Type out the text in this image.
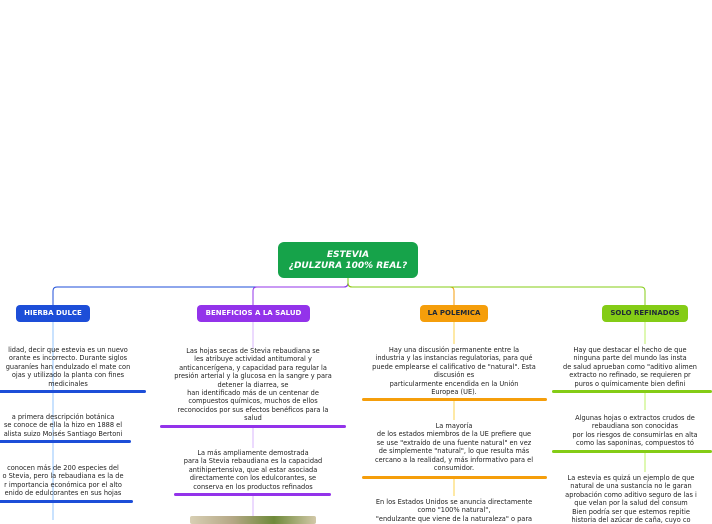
ESTEVIA
¿DULZURA 100% REAL?
HIERBA DULCE	BENEFICIOS A LA SALUD	LA POLEMICA	SOLO REFINADOS
lidad, decir que estevia es un nuevo
orante es incorrecto. Durante siglos
guaraníes han endulzado el mate con
ojas y utilizado la planta con fines
medicinales
a primera descripción botánica
se conoce de ella la hizo en 1888 el
alista suizo Moisés Santiago Bertoni
conocen más de 200 especies del
o Stevia, pero la rebaudiana es la de
r importancia económica por el alto
enido de edulcorantes en sus hojas
Las hojas secas de Stevia rebaudiana se
les atribuye actividad antitumoral y
anticancerígena, y capacidad para regular la
presión arterial y la glucosa en la sangre y para
detener la diarrea, se
han identificado más de un centenar de
compuestos químicos, muchos de ellos
reconocidos por sus efectos benéficos para la
salud
La más ampliamente demostrada
para la Stevia rebaudiana es la capacidad
antihipertensiva, que al estar asociada
directamente con los edulcorantes, se
conserva en los productos refinados
Hay una discusión permanente entre la
industria y las instancias regulatorias, para qué
puede emplearse el calificativo de "natural". Esta
discusión es
particularmente encendida en la Unión
Europea (UE).
La mayoría
de los estados miembros de la UE prefiere que
se use "extraído de una fuente natural" en vez
de simplemente "natural", lo que resulta más
cercano a la realidad, y más informativo para el
consumidor.
En los Estados Unidos se anuncia directamente
como "100% natural",
"endulzante que viene de la naturaleza" o para
Hay que destacar el hecho de que
ninguna parte del mundo las insta
de salud aprueban como "aditivo alimen
extracto no refinado, se requieren pr
puros o químicamente bien defini
Algunas hojas o extractos crudos de
rebaudiana son conocidas
por los riesgos de consumirlas en alta
como las saponinas, compuestos tó
La estevia es quizá un ejemplo de que
natural de una sustancia no le garan
aprobación como aditivo seguro de las i
que velan por la salud del consum
Bien podría ser que estemos repitie
historia del azúcar de caña, cuyo co
